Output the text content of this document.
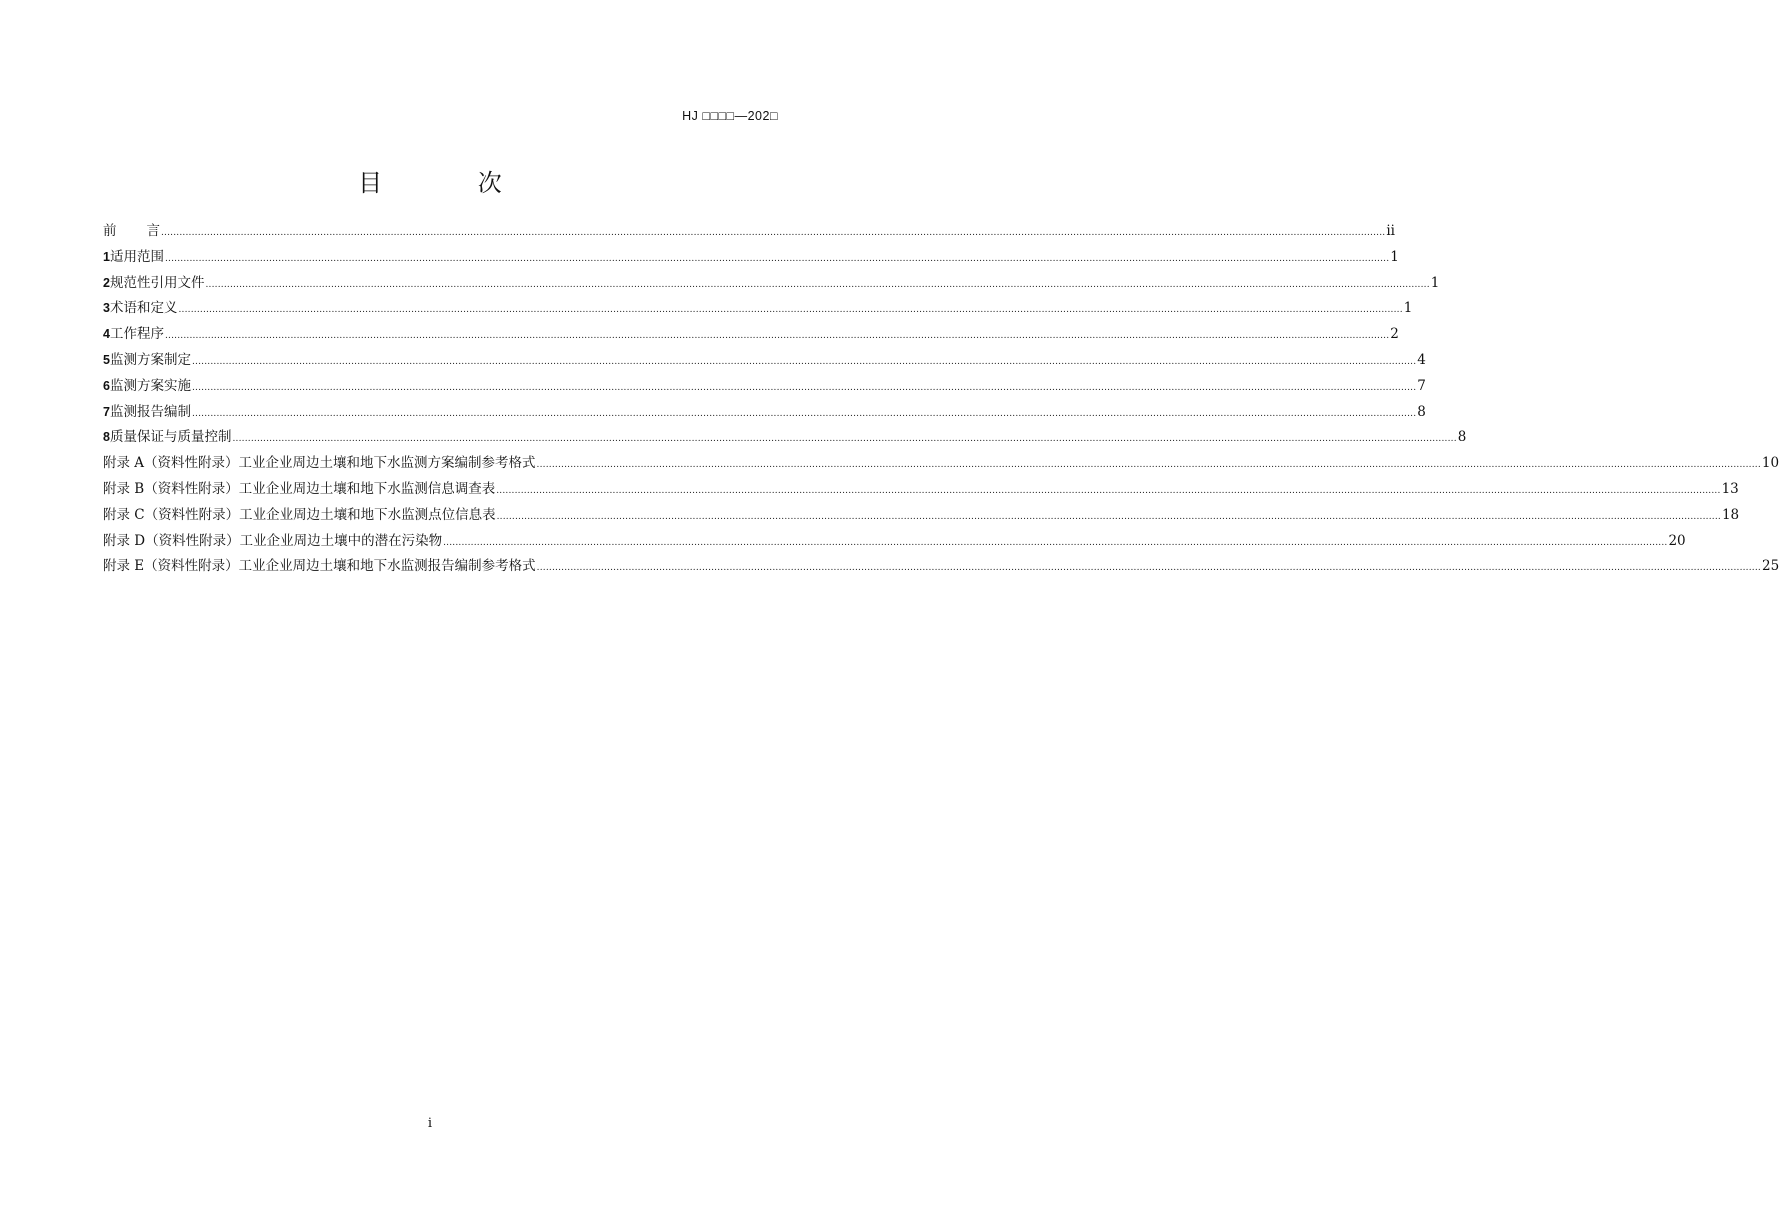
HJ □□□□—202□
目 次
前言
................................................................................................................................................................................................................................................................................................................................................................................................................ ii
1 适用范围 ................................................................................................................................................................................................................................................................................................................................................................................................................ 1
2 规范性引用文件 ................................................................................................................................................................................................................................................................................................................................................................................................................ 1
3 术语和定义 ................................................................................................................................................................................................................................................................................................................................................................................................................ 1
4 工作程序 ................................................................................................................................................................................................................................................................................................................................................................................................................ 2
5 监测方案制定 ................................................................................................................................................................................................................................................................................................................................................................................................................ 4
6 监测方案实施 ................................................................................................................................................................................................................................................................................................................................................................................................................ 7
7 监测报告编制 ................................................................................................................................................................................................................................................................................................................................................................................................................ 8
8 质量保证与质量控制 ................................................................................................................................................................................................................................................................................................................................................................................................................ 8
附录 A（资料性附录） 工业企业周边土壤和地下水监测方案编制参考格式 ................................................................................................................................................................................................................................................................................................................................................................................................................ 10
附录 B（资料性附录） 工业企业周边土壤和地下水监测信息调查表 ................................................................................................................................................................................................................................................................................................................................................................................................................ 13
附录 C（资料性附录） 工业企业周边土壤和地下水监测点位信息表 ................................................................................................................................................................................................................................................................................................................................................................................................................ 18
附录 D（资料性附录） 工业企业周边土壤中的潜在污染物 ................................................................................................................................................................................................................................................................................................................................................................................................................ 20
附录 E（资料性附录） 工业企业周边土壤和地下水监测报告编制参考格式 ................................................................................................................................................................................................................................................................................................................................................................................................................ 25
i
